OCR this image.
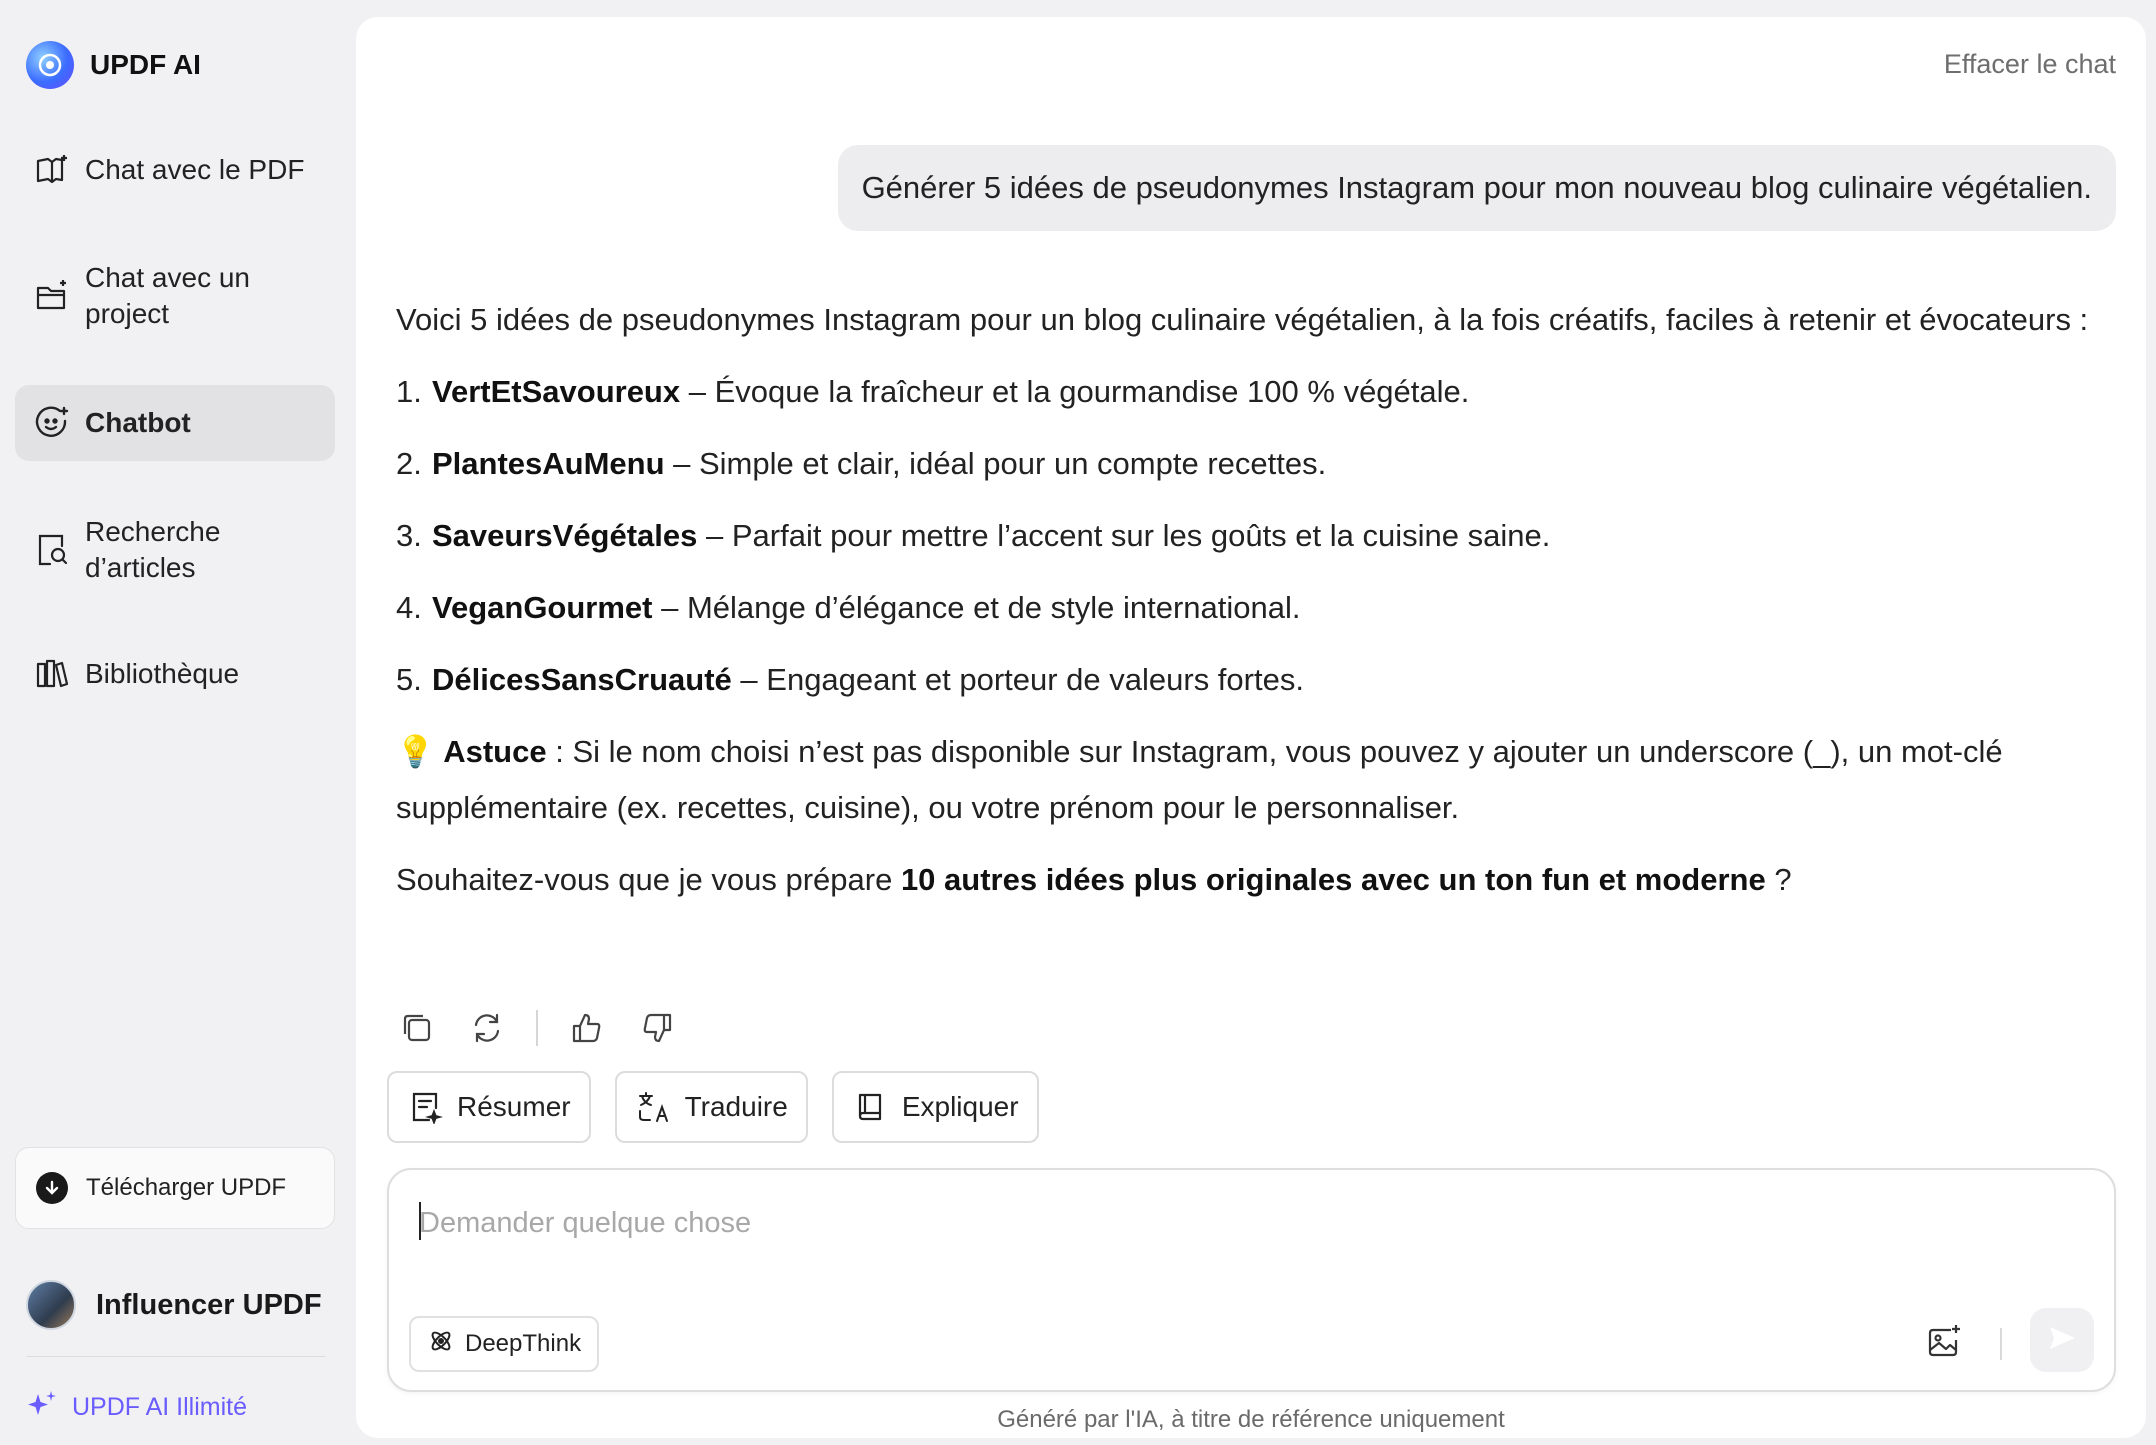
UPDF AI
Chat avec le PDF
Chat avec un
project
Chatbot
Recherche
d’articles
Bibliothèque
Télécharger UPDF
Influencer UPDF
UPDF AI Illimité
Effacer le chat
Générer 5 idées de pseudonymes Instagram pour mon nouveau blog culinaire végétalien.

Voici 5 idées de pseudonymes Instagram pour un blog culinaire végétalien, à la fois créatifs, faciles à retenir et évocateurs :

1. VertEtSavoureux – Évoque la fraîcheur et la gourmandise 100 % végétale.
2. PlantesAuMenu – Simple et clair, idéal pour un compte recettes.
3. SaveursVégétales – Parfait pour mettre l’accent sur les goûts et la cuisine saine.
4. VeganGourmet – Mélange d’élégance et de style international.
5. DélicesSansCruauté – Engageant et porteur de valeurs fortes.

💡 Astuce : Si le nom choisi n’est pas disponible sur Instagram, vous pouvez y ajouter un underscore (_), un mot-clé supplémentaire (ex. recettes, cuisine), ou votre prénom pour le personnaliser.

Souhaitez-vous que je vous prépare 10 autres idées plus originales avec un ton fun et moderne ?

Résumer	Traduire	Expliquer
Demander quelque chose
DeepThink
Généré par l'IA, à titre de référence uniquement
